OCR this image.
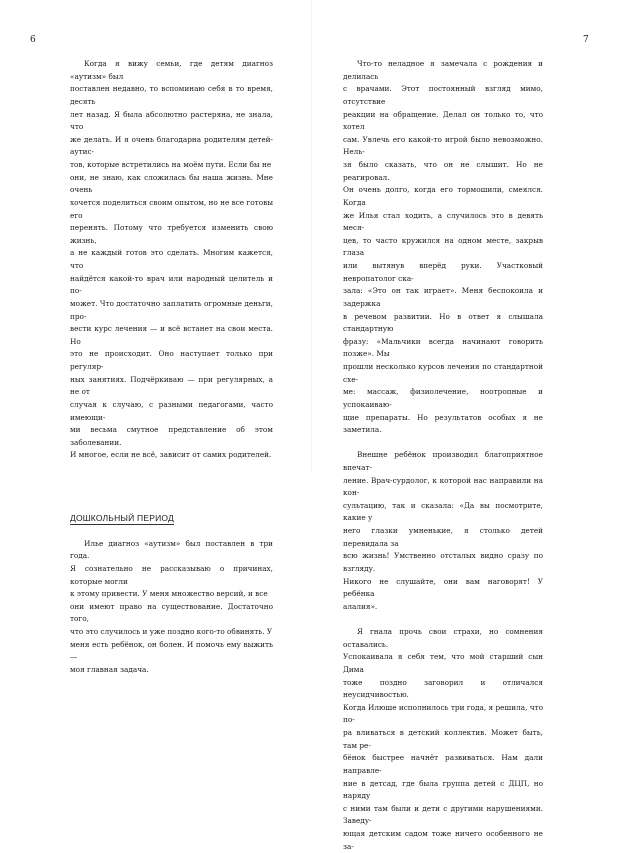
6	7

Когда я вижу семьи, где детям диагноз «аутизм» был
поставлен недавно, то вспоминаю себя в то время, десять
лет назад. Я была абсолютно растеряна, не знала, что
же делать. И я очень благодарна родителям детей-аутис-
тов, которые встретились на моём пути. Если бы не
они, не знаю, как сложилась бы наша жизнь. Мне очень
хочется поделиться своим опытом, но не все готовы его
перенять. Потому что требуется изменить свою жизнь,
а не каждый готов это сделать. Многим кажется, что
найдётся какой-то врач или народный целитель и по-
может. Что достаточно заплатить огромные деньги, про-
вести курс лечения — и всё встанет на свои места. Но
это не происходит. Оно наступает только при регуляр-
ных занятиях. Подчёркиваю — при регулярных, а не от
случая к случаю, с разными педагогами, часто имеющи-
ми весьма смутное представление об этом заболевании.
И многое, если не всё, зависит от самих родителей.

ДОШКОЛЬНЫЙ ПЕРИОД

Илье диагноз «аутизм» был поставлен в три года.
Я сознательно не рассказываю о причинах, которые могли
к этому привести. У меня множество версий, и все
они имеют право на существование. Достаточно того,
что это случилось и уже поздно кого-то обвинять. У
меня есть ребёнок, он болен. И помочь ему выжить —
моя главная задача.

Что-то неладное я замечала с рождения и делилась
с врачами. Этот постоянный взгляд мимо, отсутствие
реакции на обращение. Делал он только то, что хотел
сам. Увлечь его какой-то игрой было невозможно. Нель-
зя было сказать, что он не слышит. Но не реагировал.
Он очень долго, когда его тормошили, смеялся. Когда
же Илья стал ходить, а случилось это в девять меся-
цев, то часто кружился на одном месте, закрыв глаза
или вытянув вперёд руки. Участковый невропатолог ска-
зала: «Это он так играет». Меня беспокоила и задержка
в речевом развитии. Но в ответ я слышала стандартную
фразу: «Мальчики всегда начинают говорить позже». Мы
прошли несколько курсов лечения по стандартной схе-
ме: массаж, физиолечение, ноотропные и успокаиваю-
щие препараты. Но результатов особых я не заметила.

Внешне ребёнок производил благоприятное впечат-
ление. Врач-сурдолог, к которой нас направили на кон-
сультацию, так и сказала: «Да вы посмотрите, какие у
него глазки умненькие, я столько детей перевидала за
всю жизнь! Умственно отсталых видно сразу по взгляду.
Никого не слушайте, они вам наговорят! У ребёнка
алалия».

Я гнала прочь свои страхи, но сомнения оставались.
Успокаивала я себя тем, что мой старший сын Дима
тоже поздно заговорил и отличался неусидчивостью.
Когда Илюше исполнилось три года, я решила, что по-
ра вливаться в детский коллектив. Может быть, там ре-
бёнок быстрее начнёт развиваться. Нам дали направле-
ние в детсад, где была группа детей с ДЦП, но наряду
с ними там были и дети с другими нарушениями. Заведу-
ющая детским садом тоже ничего особенного не за-
